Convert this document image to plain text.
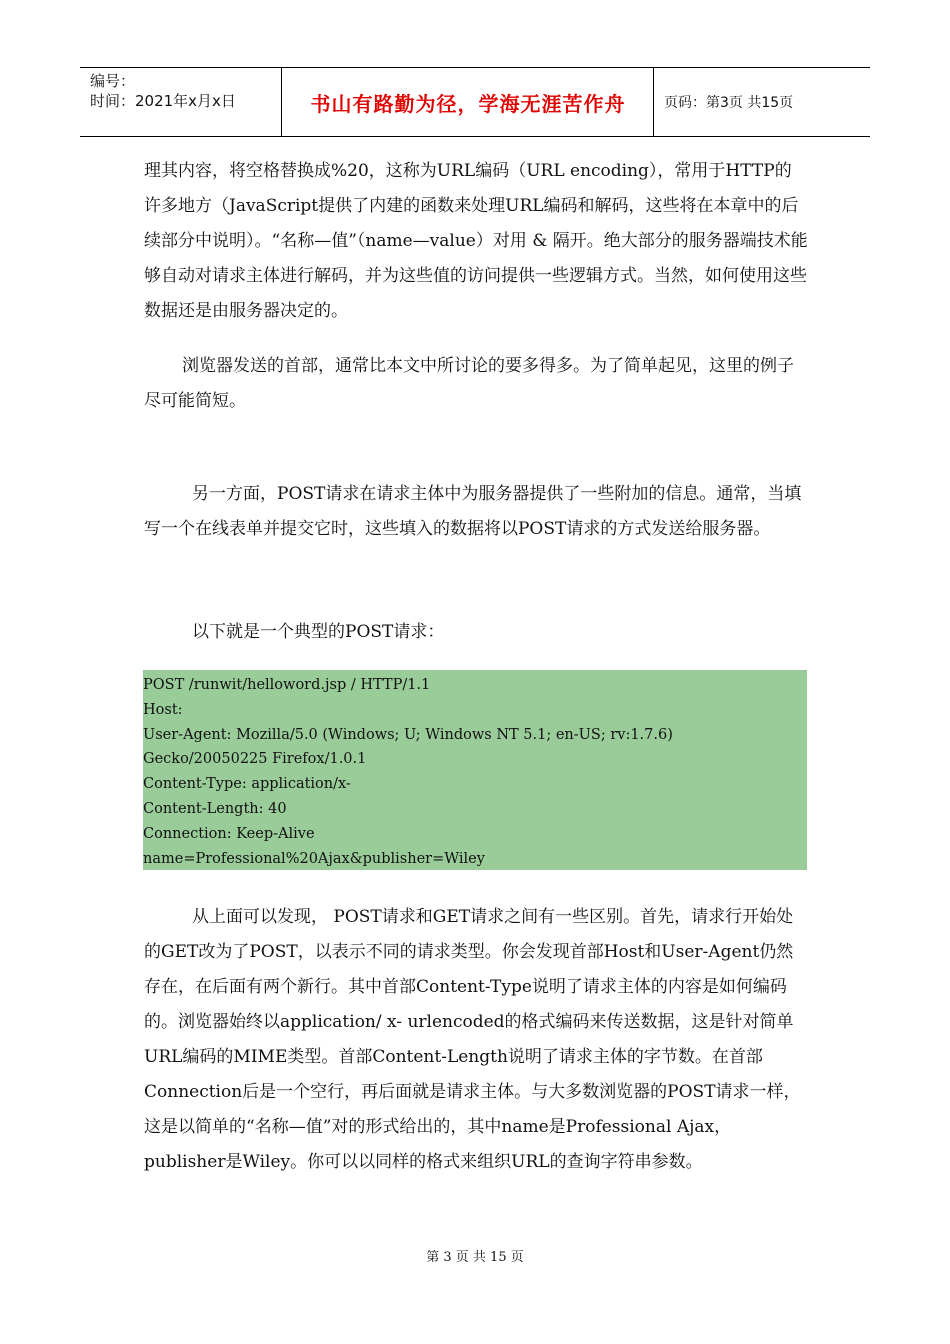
编号：
时间：2021年x月x日	书山有路勤为径，学海无涯苦作舟	页码：第3页 共15页
理其内容，将空格替换成%20，这称为URL编码（URL encoding），常用于HTTP的许多地方（JavaScript提供了内建的函数来处理URL编码和解码，这些将在本章中的后续部分中说明）。“名称—值”（name—value）对用 & 隔开。绝大部分的服务器端技术能够自动对请求主体进行解码，并为这些值的访问提供一些逻辑方式。当然，如何使用这些数据还是由服务器决定的。
浏览器发送的首部，通常比本文中所讨论的要多得多。为了简单起见，这里的例子尽可能简短。
另一方面，POST请求在请求主体中为服务器提供了一些附加的信息。通常，当填写一个在线表单并提交它时，这些填入的数据将以POST请求的方式发送给服务器。
以下就是一个典型的POST请求：
POST /runwit/helloword.jsp / HTTP/1.1
Host:
User-Agent: Mozilla/5.0 (Windows; U; Windows NT 5.1; en-US; rv:1.7.6)
Gecko/20050225 Firefox/1.0.1
Content-Type: application/x-
Content-Length: 40
Connection: Keep-Alive
name=Professional%20Ajax&publisher=Wiley
从上面可以发现， POST请求和GET请求之间有一些区别。首先，请求行开始处的GET改为了POST，以表示不同的请求类型。你会发现首部Host和User-Agent仍然存在，在后面有两个新行。其中首部Content-Type说明了请求主体的内容是如何编码的。浏览器始终以application/ x- urlencoded的格式编码来传送数据，这是针对简单URL编码的MIME类型。首部Content-Length说明了请求主体的字节数。在首部Connection后是一个空行，再后面就是请求主体。与大多数浏览器的POST请求一样，这是以简单的“名称—值”对的形式给出的，其中name是Professional Ajax，publisher是Wiley。你可以以同样的格式来组织URL的查询字符串参数。
第 3 页 共 15 页
